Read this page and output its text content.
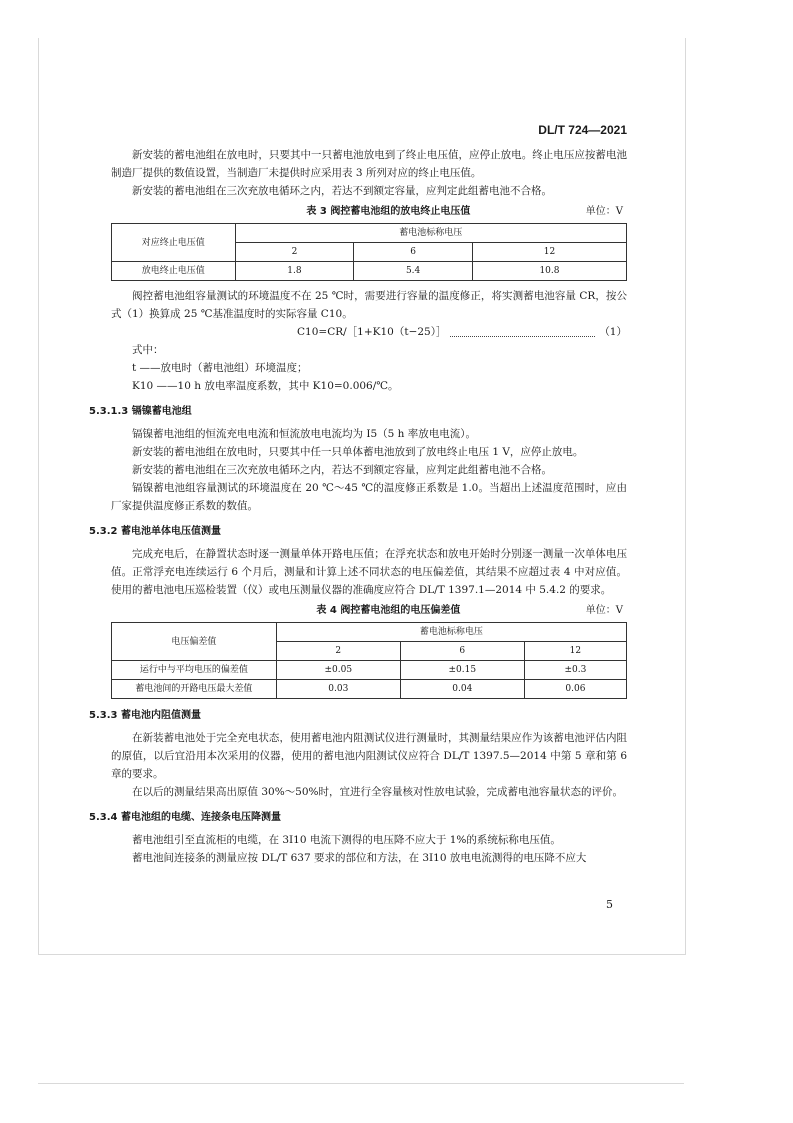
DL/T 724—2021

新安装的蓄电池组在放电时，只要其中一只蓄电池放电到了终止电压值，应停止放电。终止电压应按蓄电池制造厂提供的数值设置，当制造厂未提供时应采用表 3 所列对应的终止电压值。

新安装的蓄电池组在三次充放电循环之内，若达不到额定容量，应判定此组蓄电池不合格。

表 3 阀控蓄电池组的放电终止电压值	单位：V
对应终止电压值	蓄电池标称电压		
	2	6	12
放电终止电压值	1.8	5.4	10.8

阀控蓄电池组容量测试的环境温度不在 25 ℃时，需要进行容量的温度修正，将实测蓄电池容量 CR，按公式（1）换算成 25 ℃基准温度时的实际容量 C10。

C10=CR/［1+K10（t−25）］	（1）

式中：

t ——放电时（蓄电池组）环境温度；

K10 ——10 h 放电率温度系数，其中 K10=0.006/℃。

5.3.1.3 镉镍蓄电池组

镉镍蓄电池组的恒流充电电流和恒流放电电流均为 I5（5 h 率放电电流）。

新安装的蓄电池组在放电时，只要其中任一只单体蓄电池放到了放电终止电压 1 V，应停止放电。

新安装的蓄电池组在三次充放电循环之内，若达不到额定容量，应判定此组蓄电池不合格。

镉镍蓄电池组容量测试的环境温度在 20 ℃～45 ℃的温度修正系数是 1.0。当超出上述温度范围时，应由厂家提供温度修正系数的数值。

5.3.2 蓄电池单体电压值测量

完成充电后，在静置状态时逐一测量单体开路电压值；在浮充状态和放电开始时分别逐一测量一次单体电压值。正常浮充电连续运行 6 个月后，测量和计算上述不同状态的电压偏差值，其结果不应超过表 4 中对应值。使用的蓄电池电压巡检装置（仪）或电压测量仪器的准确度应符合 DL/T 1397.1—2014 中 5.4.2 的要求。

表 4 阀控蓄电池组的电压偏差值	单位：V
电压偏差值	蓄电池标称电压		
	2	6	12
运行中与平均电压的偏差值	±0.05	±0.15	±0.3
蓄电池间的开路电压最大差值	0.03	0.04	0.06
5.3.3 蓄电池内阻值测量

在新装蓄电池处于完全充电状态，使用蓄电池内阻测试仪进行测量时，其测量结果应作为该蓄电池评估内阻的原值，以后宜沿用本次采用的仪器，使用的蓄电池内阻测试仪应符合 DL/T 1397.5—2014 中第 5 章和第 6 章的要求。

在以后的测量结果高出原值 30%～50%时，宜进行全容量核对性放电试验，完成蓄电池容量状态的评价。

5.3.4 蓄电池组的电缆、连接条电压降测量

蓄电池组引至直流柜的电缆，在 3I10 电流下测得的电压降不应大于 1%的系统标称电压值。

蓄电池间连接条的测量应按 DL/T 637 要求的部位和方法，在 3I10 放电电流测得的电压降不应大

5
